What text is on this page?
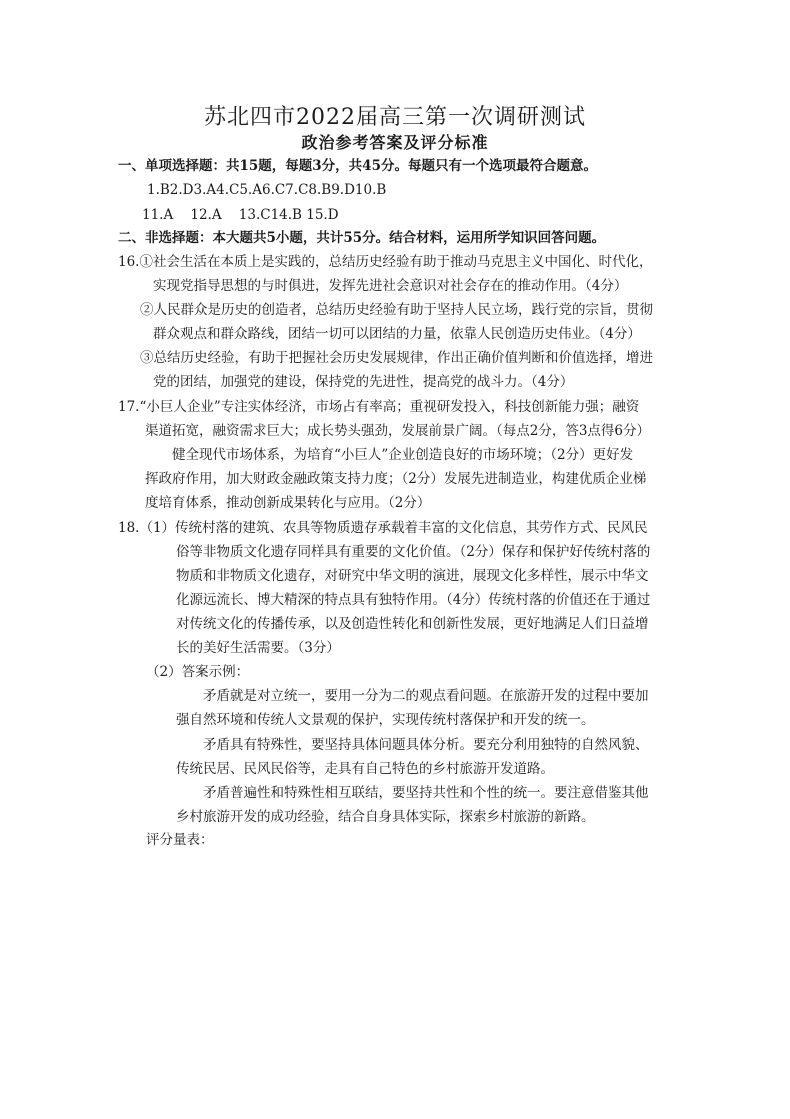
苏北四市2022届高三第一次调研测试
政治参考答案及评分标准
一、单项选择题：共15题，每题3分，共45分。每题只有一个选项最符合题意。
1.B2.D3.A4.C5.A6.C7.C8.B9.D10.B
11.A    12.A    13.C14.B 15.D
二、非选择题：本大题共5小题，共计55分。结合材料，运用所学知识回答问题。
16.①社会生活在本质上是实践的，总结历史经验有助于推动马克思主义中国化、时代化，
实现党指导思想的与时俱进，发挥先进社会意识对社会存在的推动作用。（4分）
②人民群众是历史的创造者，总结历史经验有助于坚持人民立场，践行党的宗旨，贯彻
群众观点和群众路线，团结一切可以团结的力量，依靠人民创造历史伟业。（4分）
③总结历史经验，有助于把握社会历史发展规律，作出正确价值判断和价值选择，增进
党的团结，加强党的建设，保持党的先进性，提高党的战斗力。（4分）
17.“小巨人企业”专注实体经济，市场占有率高；重视研发投入，科技创新能力强；融资
渠道拓宽，融资需求巨大；成长势头强劲，发展前景广阔。（每点2分，答3点得6分）
健全现代市场体系，为培育“小巨人”企业创造良好的市场环境；（2分）更好发
挥政府作用，加大财政金融政策支持力度；（2分）发展先进制造业，构建优质企业梯
度培育体系，推动创新成果转化与应用。（2分）
18.（1）传统村落的建筑、农具等物质遗存承载着丰富的文化信息，其劳作方式、民风民
俗等非物质文化遗存同样具有重要的文化价值。（2分）保存和保护好传统村落的
物质和非物质文化遗存，对研究中华文明的演进，展现文化多样性，展示中华文
化源远流长、博大精深的特点具有独特作用。（4分）传统村落的价值还在于通过
对传统文化的传播传承，以及创造性转化和创新性发展，更好地满足人们日益增
长的美好生活需要。（3分）
（2）答案示例：
矛盾就是对立统一，要用一分为二的观点看问题。在旅游开发的过程中要加
强自然环境和传统人文景观的保护，实现传统村落保护和开发的统一。
矛盾具有特殊性，要坚持具体问题具体分析。要充分利用独特的自然风貌、
传统民居、民风民俗等，走具有自己特色的乡村旅游开发道路。
矛盾普遍性和特殊性相互联结，要坚持共性和个性的统一。要注意借鉴其他
乡村旅游开发的成功经验，结合自身具体实际，探索乡村旅游的新路。
评分量表：
